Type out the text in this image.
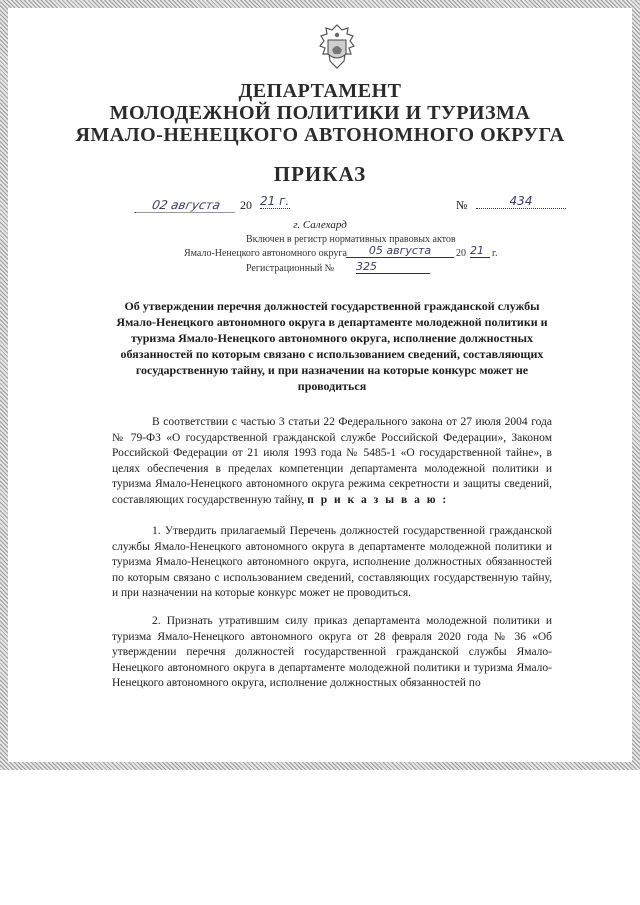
ДЕПАРТАМЕНТ
МОЛОДЕЖНОЙ ПОЛИТИКИ И ТУРИЗМА
ЯМАЛО-НЕНЕЦКОГО АВТОНОМНОГО ОКРУГА
ПРИКАЗ
02 августа	20 21 г.	№	434
г. Салехард
Включен в регистр нормативных правовых актов
Ямало-Ненецкого автономного округа	05 августа	20 21 г.
Регистрационный № 325

Об утверждении перечня должностей государственной гражданской службы Ямало-Ненецкого автономного округа в департаменте молодежной политики и туризма Ямало-Ненецкого автономного округа, исполнение должностных обязанностей по которым связано с использованием сведений, составляющих государственную тайну, и при назначении на которые конкурс может не проводиться

В соответствии с частью 3 статьи 22 Федерального закона от 27 июля 2004 года № 79-ФЗ «О государственной гражданской службе Российской Федерации», Законом Российской Федерации от 21 июля 1993 года № 5485-1 «О государственной тайне», в целях обеспечения в пределах компетенции департамента молодежной политики и туризма Ямало-Ненецкого автономного округа режима секретности и защиты сведений, составляющих государственную тайну, п р и к а з ы в а ю :

1. Утвердить прилагаемый Перечень должностей государственной гражданской службы Ямало-Ненецкого автономного округа в департаменте молодежной политики и туризма Ямало-Ненецкого автономного округа, исполнение должностных обязанностей по которым связано с использованием сведений, составляющих государственную тайну, и при назначении на которые конкурс может не проводиться.

2. Признать утратившим силу приказ департамента молодежной политики и туризма Ямало-Ненецкого автономного округа от 28 февраля 2020 года № 36 «Об утверждении перечня должностей государственной гражданской службы Ямало-Ненецкого автономного округа в департаменте молодежной политики и туризма Ямало-Ненецкого автономного округа, исполнение должностных обязанностей по
